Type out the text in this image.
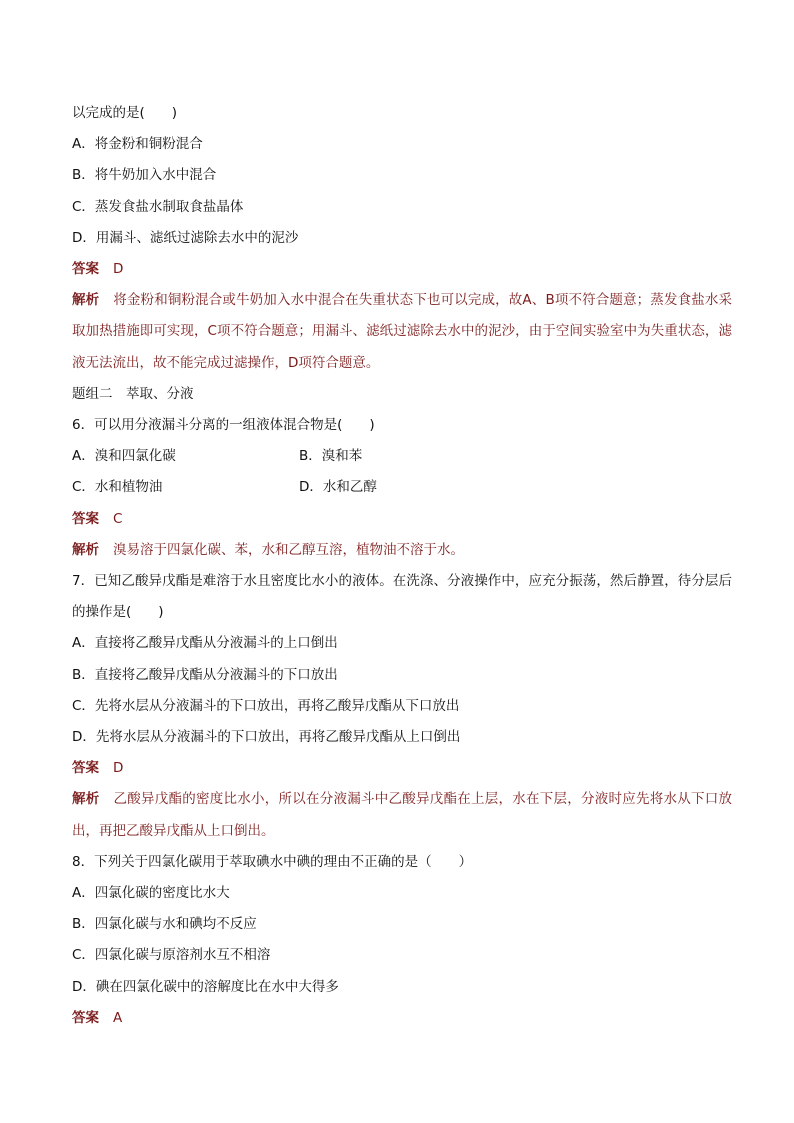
以完成的是(　　)
A．将金粉和铜粉混合
B．将牛奶加入水中混合
C．蒸发食盐水制取食盐晶体
D．用漏斗、滤纸过滤除去水中的泥沙
答案 D
解析 将金粉和铜粉混合或牛奶加入水中混合在失重状态下也可以完成，故A、B项不符合题意；蒸发食盐水采取加热措施即可实现，C项不符合题意；用漏斗、滤纸过滤除去水中的泥沙，由于空间实验室中为失重状态，滤液无法流出，故不能完成过滤操作，D项符合题意。
题组二　萃取、分液
6．可以用分液漏斗分离的一组液体混合物是(　　)
A．溴和四氯化碳	B．溴和苯
C．水和植物油	D．水和乙醇
答案 C
解析 溴易溶于四氯化碳、苯，水和乙醇互溶，植物油不溶于水。
7．已知乙酸异戊酯是难溶于水且密度比水小的液体。在洗涤、分液操作中，应充分振荡，然后静置，待分层后的操作是(　　)
A．直接将乙酸异戊酯从分液漏斗的上口倒出
B．直接将乙酸异戊酯从分液漏斗的下口放出
C．先将水层从分液漏斗的下口放出，再将乙酸异戊酯从下口放出
D．先将水层从分液漏斗的下口放出，再将乙酸异戊酯从上口倒出
答案 D
解析 乙酸异戊酯的密度比水小，所以在分液漏斗中乙酸异戊酯在上层，水在下层，分液时应先将水从下口放出，再把乙酸异戊酯从上口倒出。
8．下列关于四氯化碳用于萃取碘水中碘的理由不正确的是（　　）
A．四氯化碳的密度比水大
B．四氯化碳与水和碘均不反应
C．四氯化碳与原溶剂水互不相溶
D．碘在四氯化碳中的溶解度比在水中大得多
答案 A
